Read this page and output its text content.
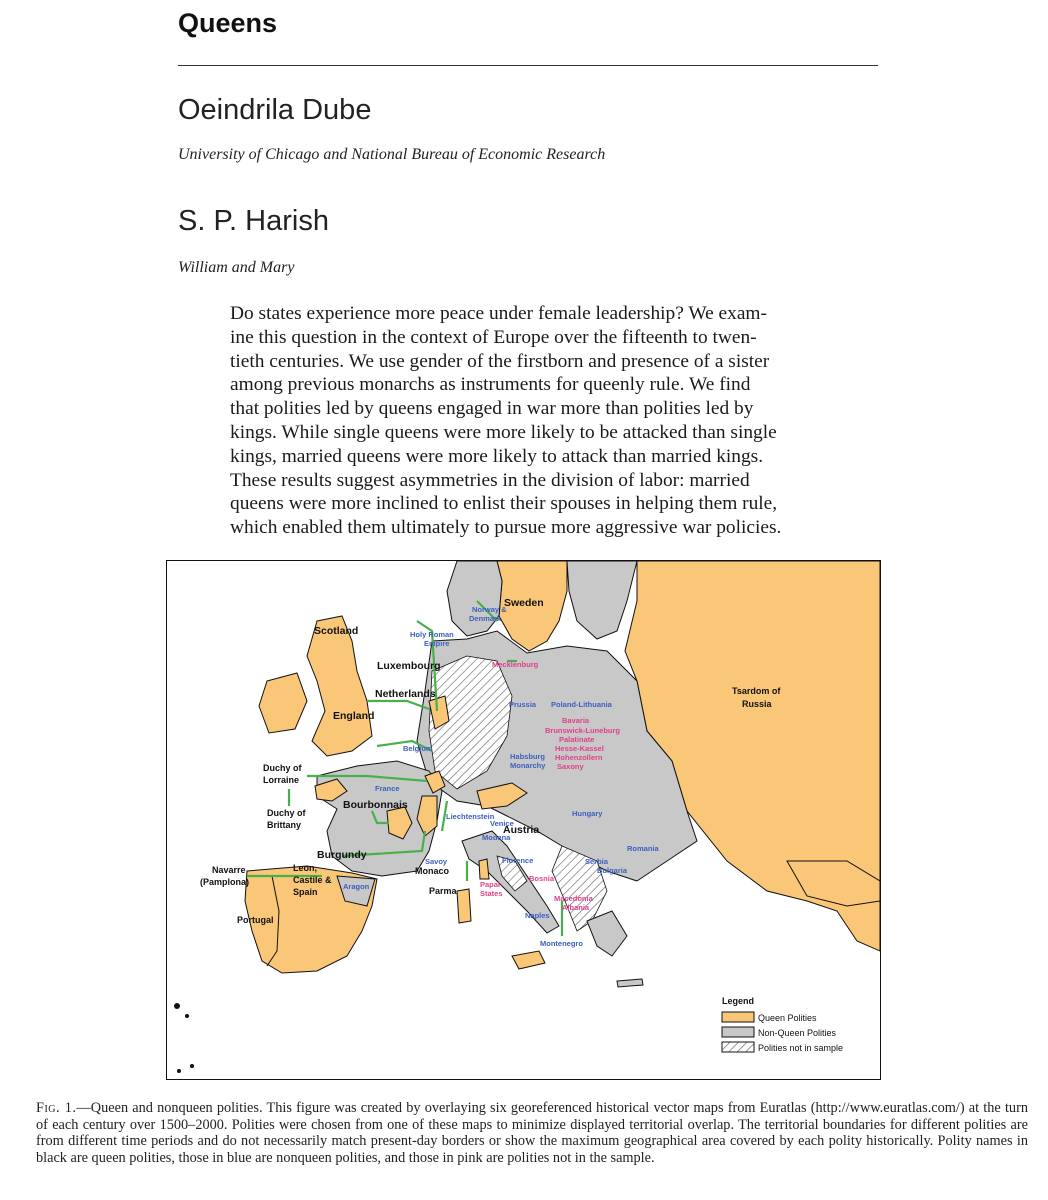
Queens
Oeindrila Dube
University of Chicago and National Bureau of Economic Research
S. P. Harish
William and Mary
Do states experience more peace under female leadership? We exam-
ine this question in the context of Europe over the fifteenth to twen-
tieth centuries. We use gender of the firstborn and presence of a sister
among previous monarchs as instruments for queenly rule. We find
that polities led by queens engaged in war more than polities led by
kings. While single queens were more likely to be attacked than single
kings, married queens were more likely to attack than married kings.
These results suggest asymmetries in the division of labor: married
queens were more inclined to enlist their spouses in helping them rule,
which enabled them ultimately to pursue more aggressive war policies.
Sweden
Scotland
Luxembourg
Netherlands
England
Tsardom of
Russia
Duchy of
Lorraine
Austria
Duchy of
Brittany
Bourbonnais
Burgundy
Navarre
(Pamplona)
Monaco
Leon,
Castile &
Spain	Parma
Portugal
Norway &
Denmark
Holy Roman
Empire
Prussia Poland-Lithuania
Habsburg
Monarchy
Belgium
France
Hungary
Liechtenstein
Venice
Modena
Romania
Florence	Serbia
Bulgaria
Savoy
Aragon
Naples
Montenegro
Mecklenburg
Bavaria
Brunswick-Luneburg
Palatinate
Hesse-Kassel
Hohenzollern
Saxony
Papal
States
Bosnia
Macedonia
Albania
Legend
Queen Polities
Non-Queen Polities
Polities not in sample
Fig. 1.—Queen and nonqueen polities. This figure was created by overlaying six georeferenced historical vector maps from Euratlas (http://www.euratlas.com/) at the turn of each century over 1500–2000. Polities were chosen from one of these maps to minimize displayed territorial overlap. The territorial boundaries for different polities are from different time periods and do not necessarily match present-day borders or show the maximum geographical area covered by each polity historically. Polity names in black are queen polities, those in blue are nonqueen polities, and those in pink are polities not in the sample.
